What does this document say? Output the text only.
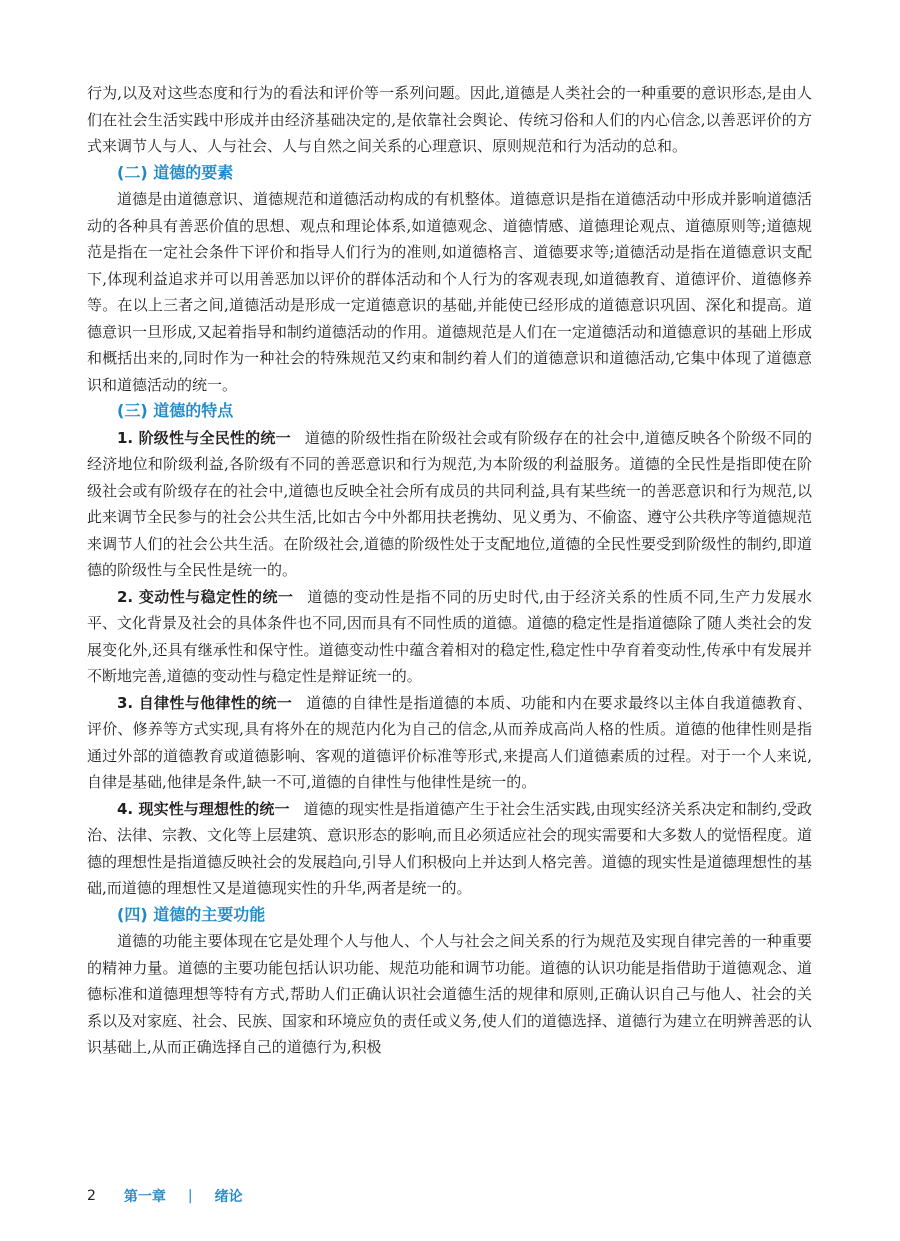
行为,以及对这些态度和行为的看法和评价等一系列问题。因此,道德是人类社会的一种重要的意识形态,是由人们在社会生活实践中形成并由经济基础决定的,是依靠社会舆论、传统习俗和人们的内心信念,以善恶评价的方式来调节人与人、人与社会、人与自然之间关系的心理意识、原则规范和行为活动的总和。

(二) 道德的要素

道德是由道德意识、道德规范和道德活动构成的有机整体。道德意识是指在道德活动中形成并影响道德活动的各种具有善恶价值的思想、观点和理论体系,如道德观念、道德情感、道德理论观点、道德原则等;道德规范是指在一定社会条件下评价和指导人们行为的准则,如道德格言、道德要求等;道德活动是指在道德意识支配下,体现利益追求并可以用善恶加以评价的群体活动和个人行为的客观表现,如道德教育、道德评价、道德修养等。在以上三者之间,道德活动是形成一定道德意识的基础,并能使已经形成的道德意识巩固、深化和提高。道德意识一旦形成,又起着指导和制约道德活动的作用。道德规范是人们在一定道德活动和道德意识的基础上形成和概括出来的,同时作为一种社会的特殊规范又约束和制约着人们的道德意识和道德活动,它集中体现了道德意识和道德活动的统一。

(三) 道德的特点

1. 阶级性与全民性的统一 道德的阶级性指在阶级社会或有阶级存在的社会中,道德反映各个阶级不同的经济地位和阶级利益,各阶级有不同的善恶意识和行为规范,为本阶级的利益服务。道德的全民性是指即使在阶级社会或有阶级存在的社会中,道德也反映全社会所有成员的共同利益,具有某些统一的善恶意识和行为规范,以此来调节全民参与的社会公共生活,比如古今中外都用扶老携幼、见义勇为、不偷盗、遵守公共秩序等道德规范来调节人们的社会公共生活。在阶级社会,道德的阶级性处于支配地位,道德的全民性要受到阶级性的制约,即道德的阶级性与全民性是统一的。

2. 变动性与稳定性的统一 道德的变动性是指不同的历史时代,由于经济关系的性质不同,生产力发展水平、文化背景及社会的具体条件也不同,因而具有不同性质的道德。道德的稳定性是指道德除了随人类社会的发展变化外,还具有继承性和保守性。道德变动性中蕴含着相对的稳定性,稳定性中孕育着变动性,传承中有发展并不断地完善,道德的变动性与稳定性是辩证统一的。

3. 自律性与他律性的统一 道德的自律性是指道德的本质、功能和内在要求最终以主体自我道德教育、评价、修养等方式实现,具有将外在的规范内化为自己的信念,从而养成高尚人格的性质。道德的他律性则是指通过外部的道德教育或道德影响、客观的道德评价标准等形式,来提高人们道德素质的过程。对于一个人来说,自律是基础,他律是条件,缺一不可,道德的自律性与他律性是统一的。

4. 现实性与理想性的统一 道德的现实性是指道德产生于社会生活实践,由现实经济关系决定和制约,受政治、法律、宗教、文化等上层建筑、意识形态的影响,而且必须适应社会的现实需要和大多数人的觉悟程度。道德的理想性是指道德反映社会的发展趋向,引导人们积极向上并达到人格完善。道德的现实性是道德理想性的基础,而道德的理想性又是道德现实性的升华,两者是统一的。

(四) 道德的主要功能

道德的功能主要体现在它是处理个人与他人、个人与社会之间关系的行为规范及实现自律完善的一种重要的精神力量。道德的主要功能包括认识功能、规范功能和调节功能。道德的认识功能是指借助于道德观念、道德标准和道德理想等特有方式,帮助人们正确认识社会道德生活的规律和原则,正确认识自己与他人、社会的关系以及对家庭、社会、民族、国家和环境应负的责任或义务,使人们的道德选择、道德行为建立在明辨善恶的认识基础上,从而正确选择自己的道德行为,积极

2 第一章 | 绪论
